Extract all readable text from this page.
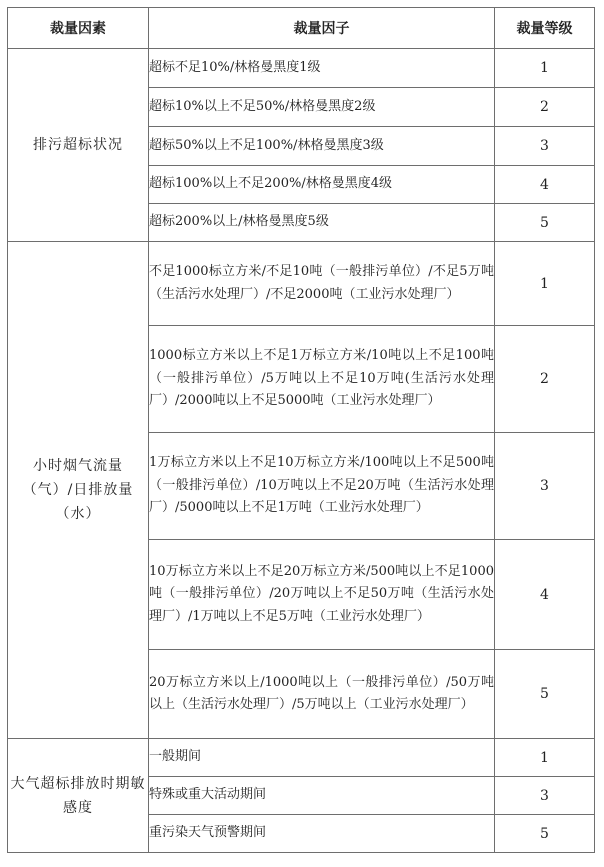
裁量因素	裁量因子	裁量等级
排污超标状况	超标不足10%/林格曼黑度1级	1
	超标10%以上不足50%/林格曼黑度2级	2
	超标50%以上不足100%/林格曼黑度3级	3
	超标100%以上不足200%/林格曼黑度4级	4
	超标200%以上/林格曼黑度5级	5
小时烟气流量（气）/日排放量（水）	不足1000标立方米/不足10吨（一般排污单位）/不足5万吨（生活污水处理厂）/不足2000吨（工业污水处理厂）	1
	1000标立方米以上不足1万标立方米/10吨以上不足100吨（一般排污单位）/5万吨以上不足10万吨(生活污水处理厂）/2000吨以上不足5000吨（工业污水处理厂）	2
	1万标立方米以上不足10万标立方米/100吨以上不足500吨（一般排污单位）/10万吨以上不足20万吨（生活污水处理厂）/5000吨以上不足1万吨（工业污水处理厂）	3
	10万标立方米以上不足20万标立方米/500吨以上不足1000吨（一般排污单位）/20万吨以上不足50万吨（生活污水处理厂）/1万吨以上不足5万吨（工业污水处理厂）	4
	20万标立方米以上/1000吨以上（一般排污单位）/50万吨以上（生活污水处理厂）/5万吨以上（工业污水处理厂）	5
大气超标排放时期敏感度	一般期间	1
	特殊或重大活动期间	3
	重污染天气预警期间	5
